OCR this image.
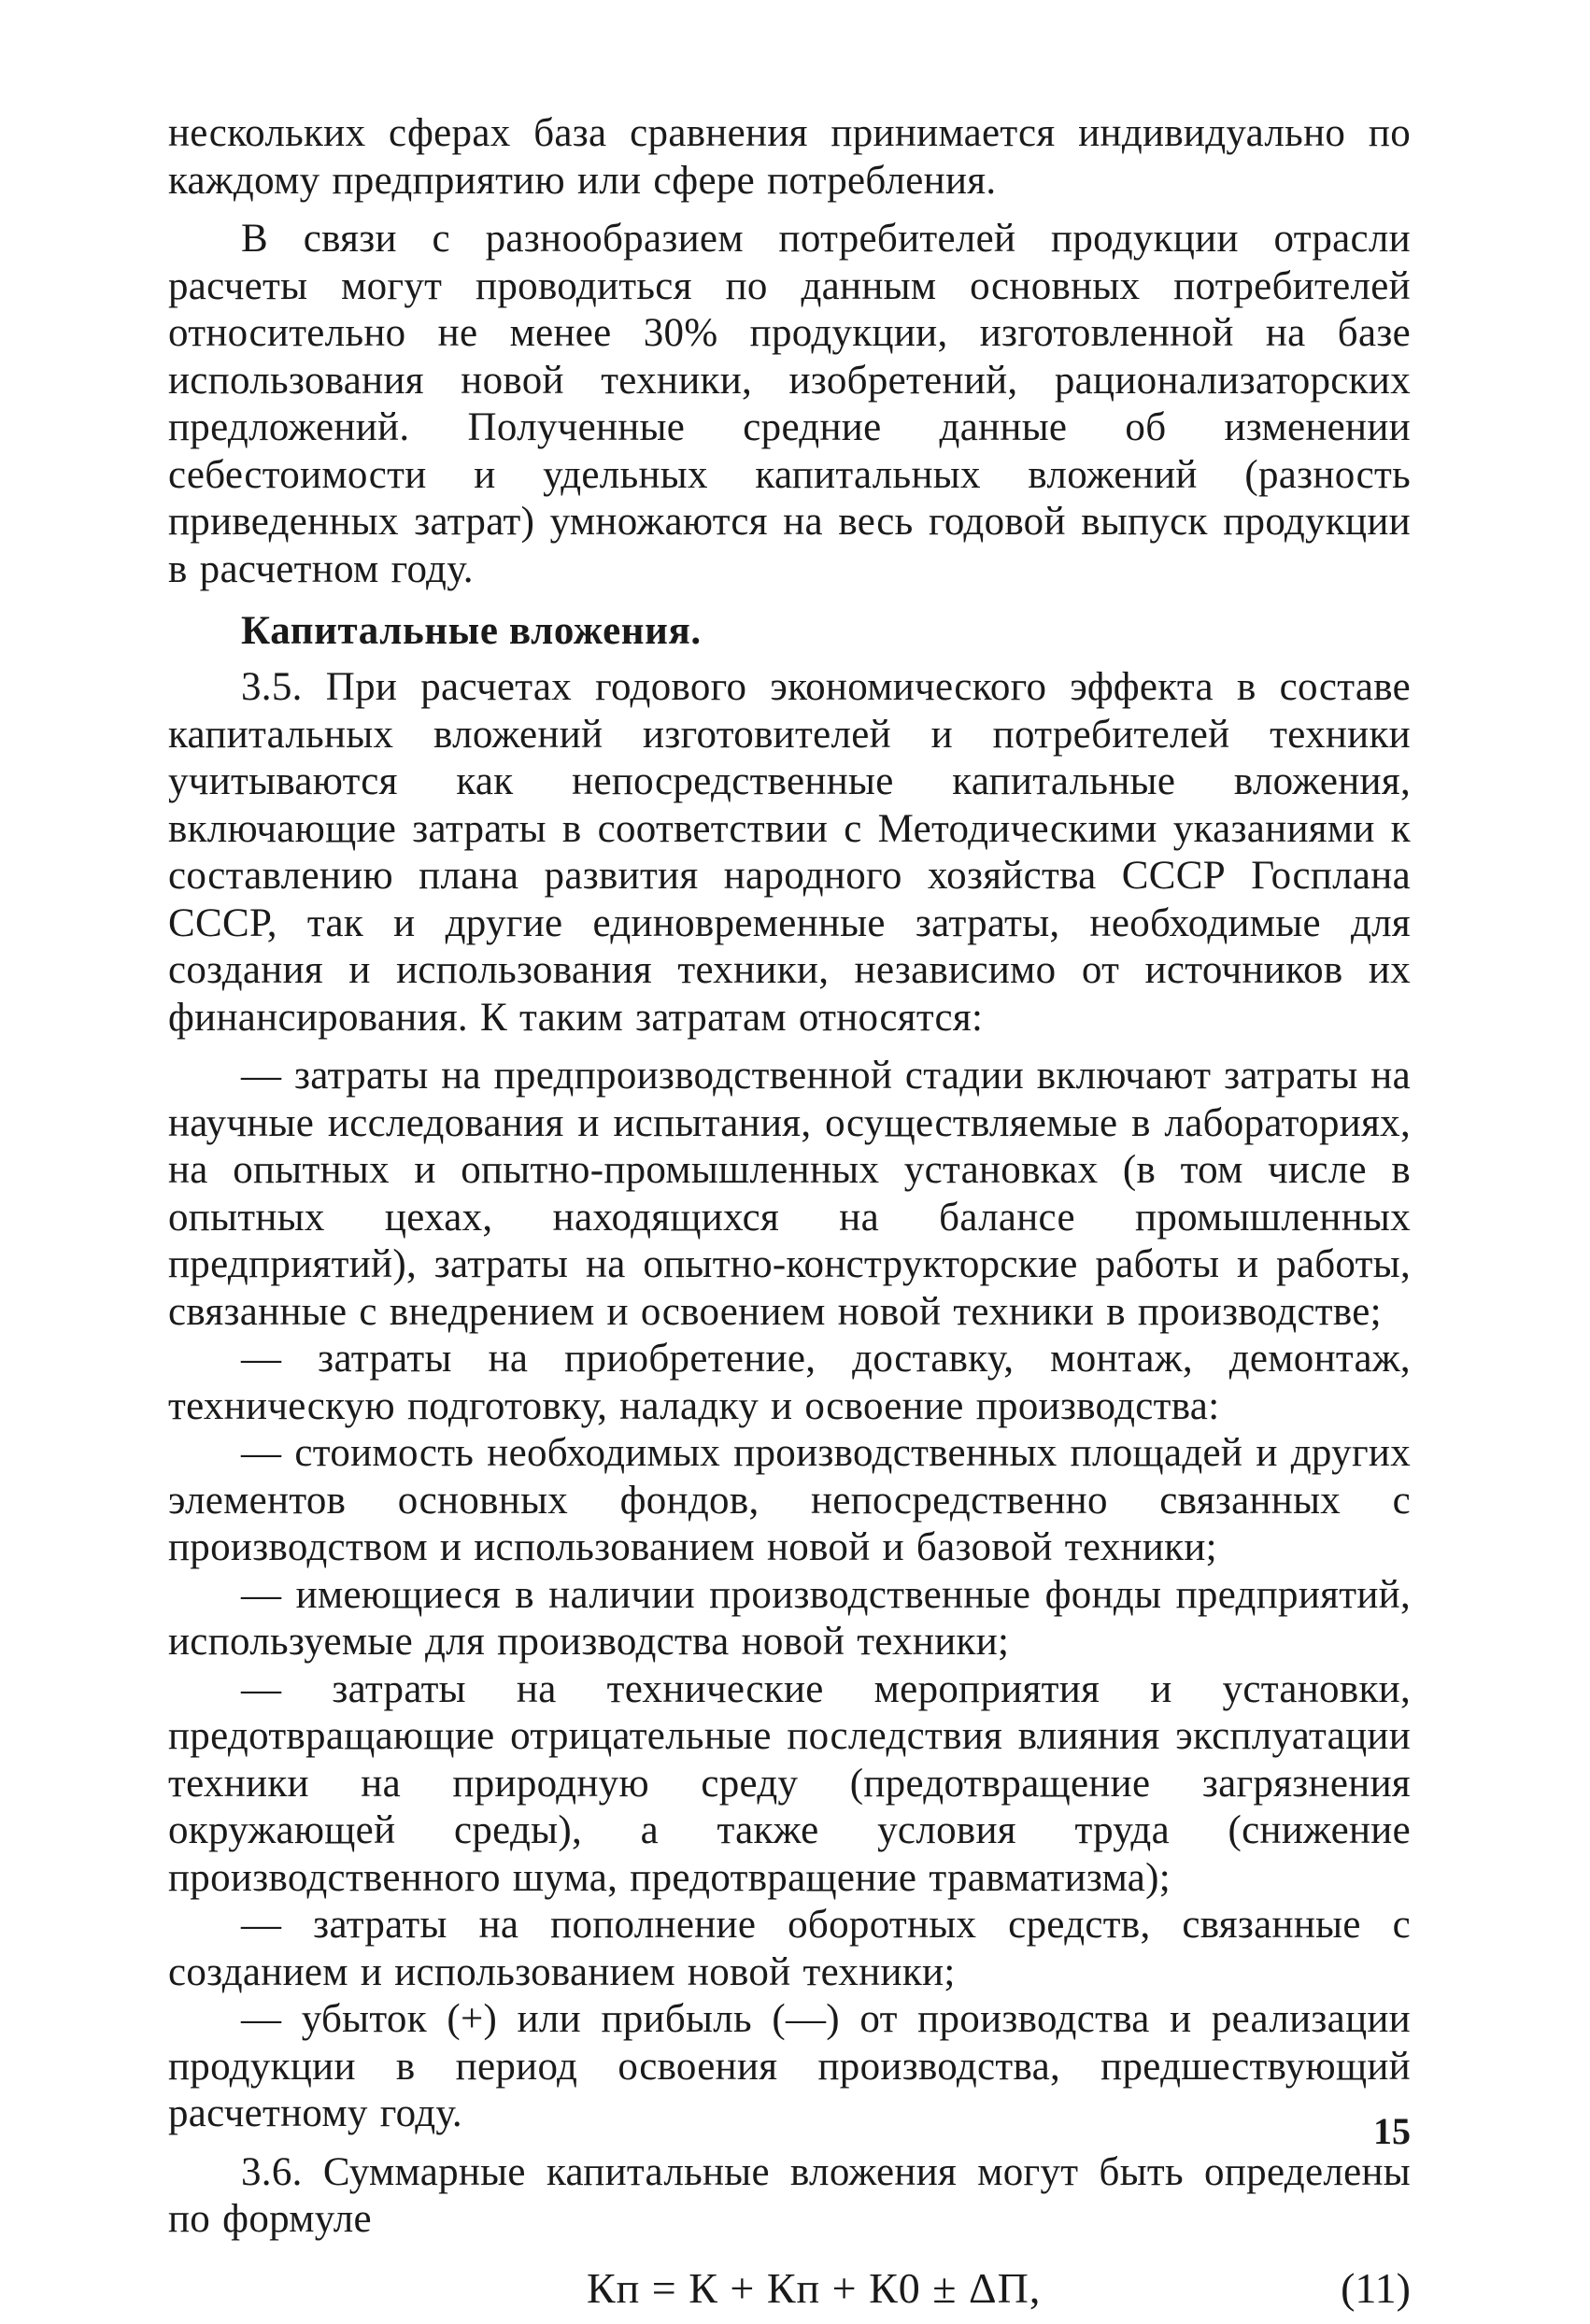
нескольких сферах база сравнения принимается индивидуально по каждому предприятию или сфере потребления.

В связи с разнообразием потребителей продукции отрасли расчеты могут проводиться по данным основных потребителей относительно не менее 30% продукции, изготовленной на базе использования новой техники, изобретений, рационализаторских предложений. Полученные средние данные об изменении себестоимости и удельных капитальных вложений (разность приведенных затрат) умножаются на весь годовой выпуск продукции в расчетном году.

Капитальные вложения.

3.5. При расчетах годового экономического эффекта в составе капитальных вложений изготовителей и потребителей техники учитываются как непосредственные капитальные вложения, включающие затраты в соответствии с Методическими указаниями к составлению плана развития народного хозяйства СССР Госплана СССР, так и другие единовременные затраты, необходимые для создания и использования техники, независимо от источников их финансирования. К таким затратам относятся:

— затраты на предпроизводственной стадии включают затраты на научные исследования и испытания, осуществляемые в лабораториях, на опытных и опытно-промышленных установках (в том числе в опытных цехах, находящихся на балансе промышленных предприятий), затраты на опытно-конструкторские работы и работы, связанные с внедрением и освоением новой техники в производстве;

— затраты на приобретение, доставку, монтаж, демонтаж, техническую подготовку, наладку и освоение производства:

— стоимость необходимых производственных площадей и других элементов основных фондов, непосредственно связанных с производством и использованием новой и базовой техники;

— имеющиеся в наличии производственные фонды предприятий, используемые для производства новой техники;

— затраты на технические мероприятия и установки, предотвращающие отрицательные последствия влияния эксплуатации техники на природную среду (предотвращение загрязнения окружающей среды), а также условия труда (снижение производственного шума, предотвращение травматизма);

— затраты на пополнение оборотных средств, связанные с созданием и использованием новой техники;

— убыток (+) или прибыль (—) от производства и реализации продукции в период освоения производства, предшествующий расчетному году.

3.6. Суммарные капитальные вложения могут быть определены по формуле

Кп = К + Кп + К0 ± ΔП,	(11)
15
